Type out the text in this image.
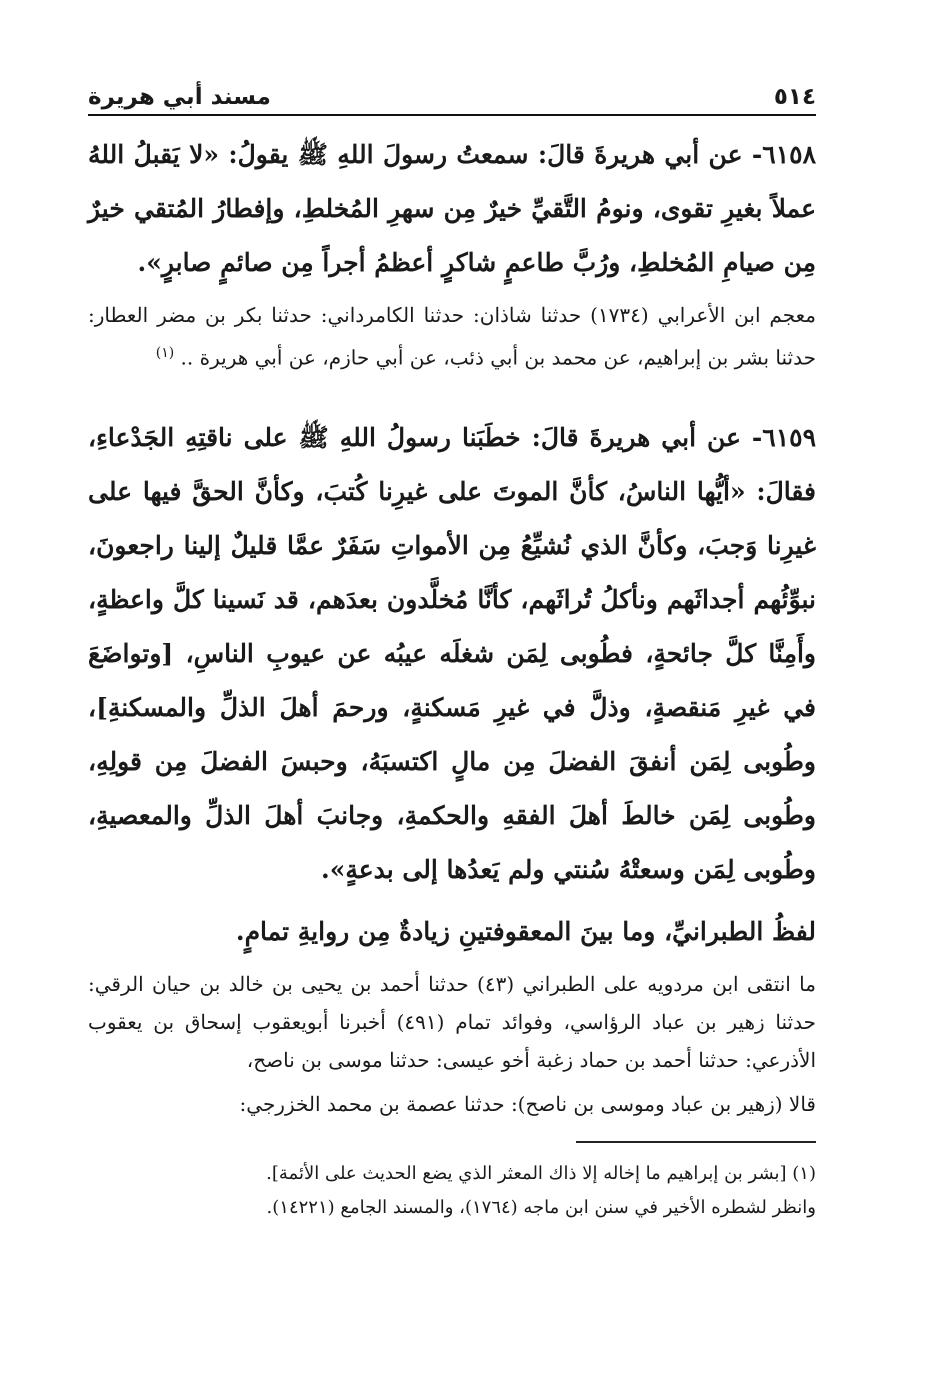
٥١٤
مسند أبي هريرة

٦١٥٨- عن أبي هريرةَ قالَ: سمعتُ رسولَ اللهِ ﷺ يقولُ: «لا يَقبلُ اللهُ عملاً بغيرِ تقوى، ونومُ التَّقيِّ خيرٌ مِن سهرِ المُخلطِ، وإفطارُ المُتقي خيرٌ مِن صيامِ المُخلطِ، ورُبَّ طاعمٍ شاكرٍ أعظمُ أجراً مِن صائمٍ صابرٍ».

معجم ابن الأعرابي (١٧٣٤) حدثنا شاذان: حدثنا الكامرداني: حدثنا بكر بن مضر العطار: حدثنا بشر بن إبراهيم، عن محمد بن أبي ذئب، عن أبي حازم، عن أبي هريرة .. $^{(١)}$

٦١٥٩- عن أبي هريرةَ قالَ: خطَبَنا رسولُ اللهِ ﷺ على ناقتِهِ الجَدْعاءِ، فقالَ: «أيُّها الناسُ، كأنَّ الموتَ على غيرِنا كُتبَ، وكأنَّ الحقَّ فيها على غيرِنا وَجبَ، وكأنَّ الذي نُشيِّعُ مِن الأمواتِ سَفَرٌ عمَّا قليلٌ إلينا راجعونَ، نبوِّئُهم أجداثَهم ونأكلُ تُراثَهم، كأنَّا مُخلَّدون بعدَهم، قد نَسينا كلَّ واعظةٍ، وأَمِنَّا كلَّ جائحةٍ، فطُوبى لِمَن شغلَه عيبُه عن عيوبِ الناسِ، [وتواضَعَ في غيرِ مَنقصةٍ، وذلَّ في غيرِ مَسكنةٍ، ورحمَ أهلَ الذلِّ والمسكنةِ]، وطُوبى لِمَن أنفقَ الفضلَ مِن مالٍ اكتسبَهُ، وحبسَ الفضلَ مِن قولِهِ، وطُوبى لِمَن خالطَ أهلَ الفقهِ والحكمةِ، وجانبَ أهلَ الذلِّ والمعصيةِ، وطُوبى لِمَن وسعتْهُ سُنتي ولم يَعدُها إلى بدعةٍ».

لفظُ الطبرانيِّ، وما بينَ المعقوفتينِ زيادةٌ مِن روايةِ تمامٍ.

ما انتقى ابن مردويه على الطبراني (٤٣) حدثنا أحمد بن يحيى بن خالد بن حيان الرقي: حدثنا زهير بن عباد الرؤاسي، وفوائد تمام (٤٩١) أخبرنا أبويعقوب إسحاق بن يعقوب الأذرعي: حدثنا أحمد بن حماد زغبة أخو عيسى: حدثنا موسى بن ناصح،

قالا (زهير بن عباد وموسى بن ناصح): حدثنا عصمة بن محمد الخزرجي:

(١) [بشر بن إبراهيم ما إخاله إلا ذاك المعثر الذي يضع الحديث على الأئمة].

وانظر لشطره الأخير في سنن ابن ماجه (١٧٦٤)، والمسند الجامع (١٤٢٢١).
